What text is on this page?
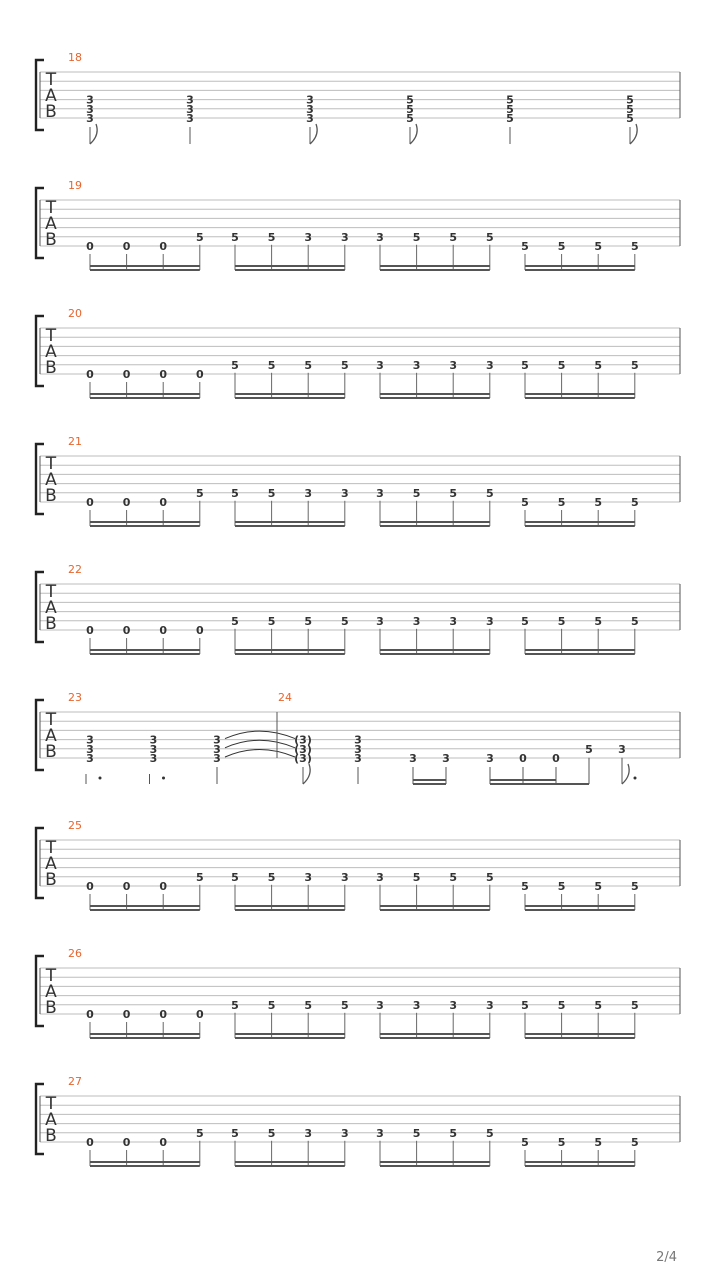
T
A
B
18
3
3
3
3
3
3
3
3
3
5
5
5
5
5
5
5
5
5
T
A
B
19
0	0	0
5	5	5	3	3	3	5	5	5
5	5	5	5
T
A
B
20
0	0	0	0
5	5	5	5	3	3	3	3	5	5	5	5
T
A
B
21
0	0	0
5	5	5	3	3	3	5	5	5
5	5	5	5
T
A
B
22
0	0	0	0
5	5	5	5	3	3	3	3	5	5	5	5
T
A
B
23
3
3
3
3
3
3
3
3
3
24
(3)
(3)
(3)
3
3
3	3 3	3 0 0
5 3
T
A
B
25
0	0	0
5	5	5	3	3	3	5	5	5
5	5	5	5
T
A
B
26
0	0	0	0
5	5	5	5	3	3	3	3	5	5	5	5
T
A
B
27
0	0	0
5	5	5	3	3	3	5	5	5
5	5	5	5
2/4
